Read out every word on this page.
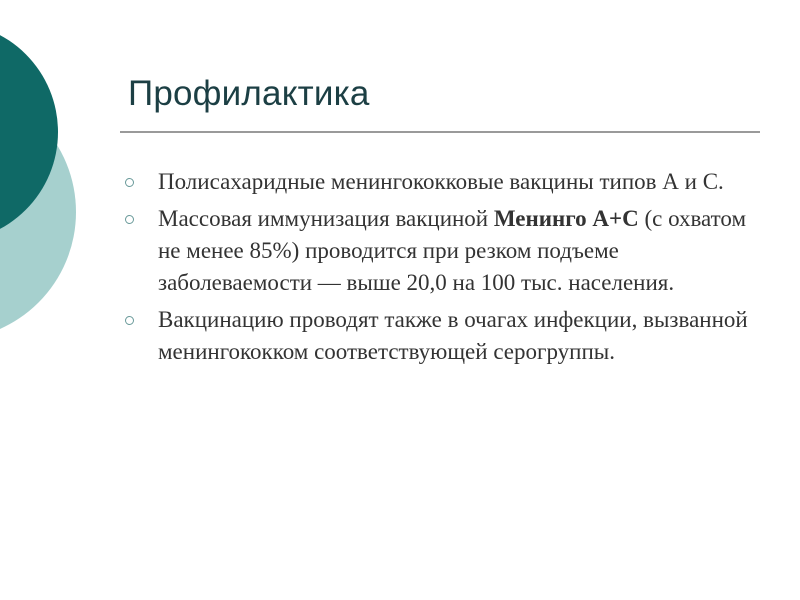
Профилактика
Полисахаридные менингококковые вакцины типов А и С.
Массовая иммунизация вакциной Менинго А+С (с охватом не менее 85%) проводится при резком подъеме заболеваемости — выше 20,0 на 100 тыс. населения.
Вакцинацию проводят также в очагах инфекции, вызванной менингококком соответствующей серогруппы.
